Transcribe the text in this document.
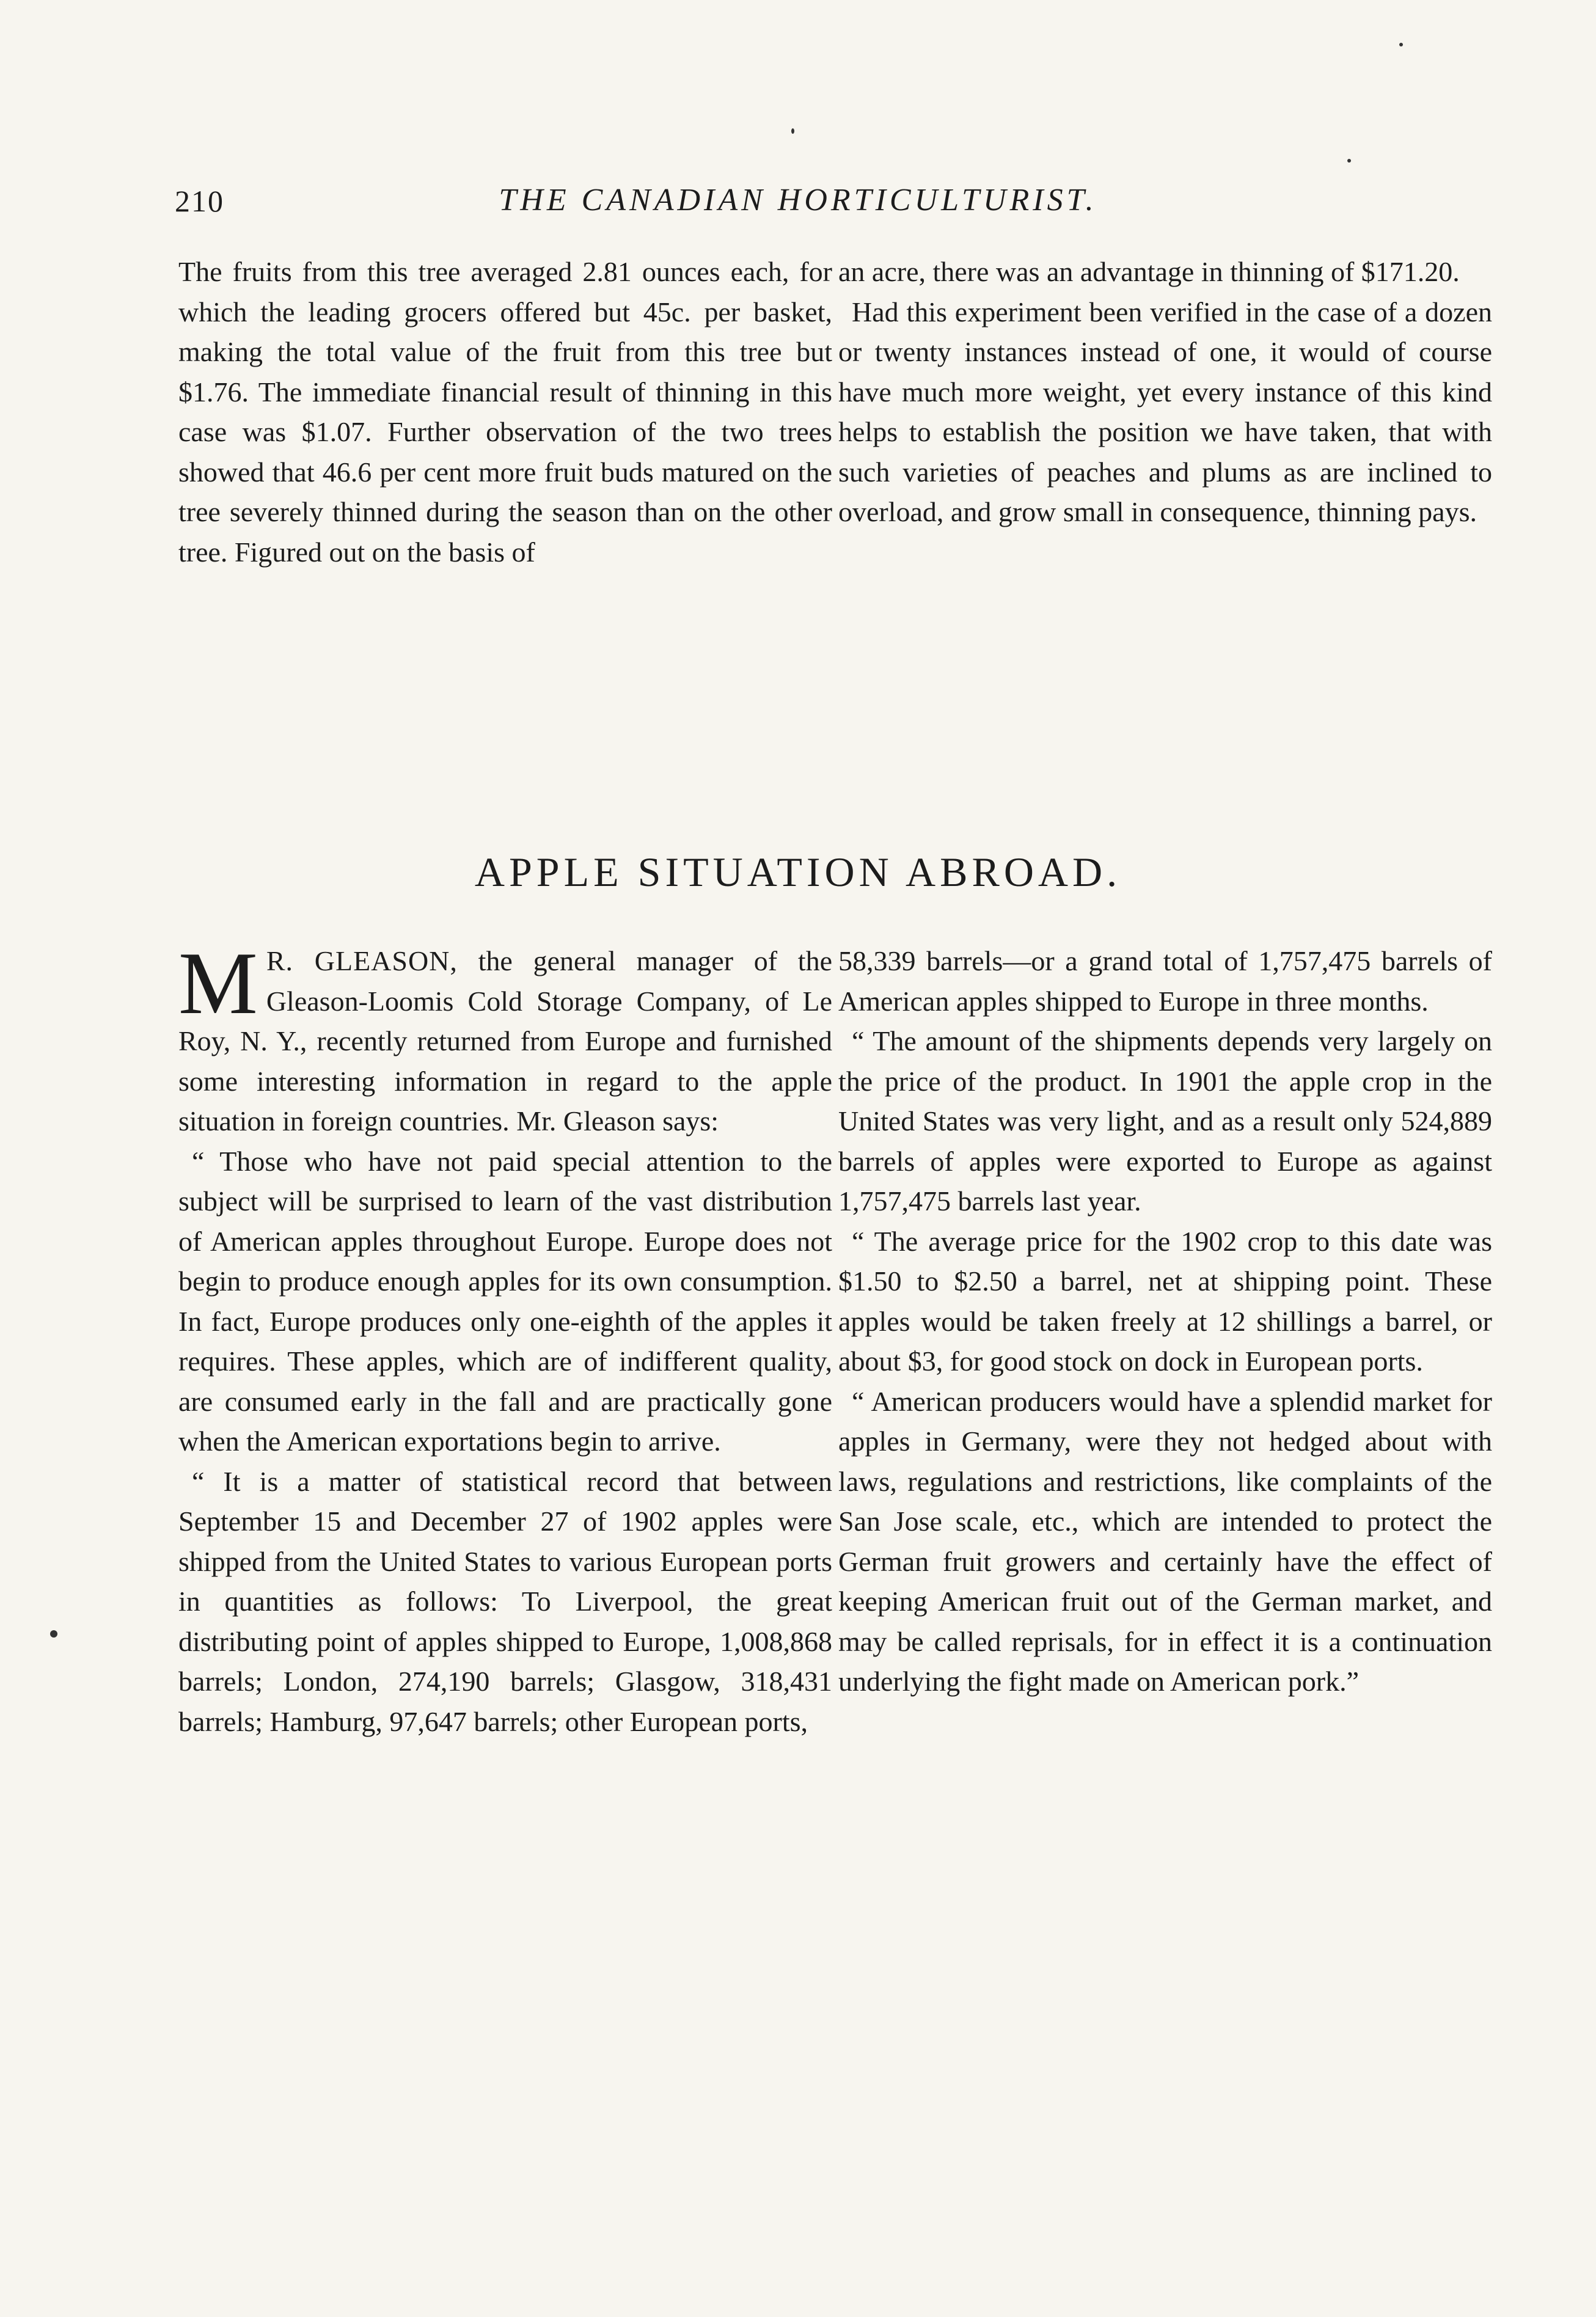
210	THE CANADIAN HORTICULTURIST.

The fruits from this tree averaged 2.81 ounces each, for which the leading grocers offered but 45c. per basket, making the total value of the fruit from this tree but $1.76. The immediate financial result of thinning in this case was $1.07. Further observation of the two trees showed that 46.6 per cent more fruit buds matured on the tree severely thinned during the season than on the other tree. Figured out on the basis of

an acre, there was an advantage in thinning of $171.20.

Had this experiment been verified in the case of a dozen or twenty instances instead of one, it would of course have much more weight, yet every instance of this kind helps to establish the position we have taken, that with such varieties of peaches and plums as are inclined to overload, and grow small in consequence, thinning pays.

APPLE SITUATION ABROAD.

M R. GLEASON, the general manager of the Gleason-Loomis Cold Storage Company, of Le Roy, N. Y., recently returned from Europe and furnished some interesting information in regard to the apple situation in foreign countries. Mr. Gleason says:

“ Those who have not paid special attention to the subject will be surprised to learn of the vast distribution of American apples throughout Europe. Europe does not begin to produce enough apples for its own consumption. In fact, Europe produces only one-eighth of the apples it requires. These apples, which are of indifferent quality, are consumed early in the fall and are practically gone when the American exportations begin to arrive.

“ It is a matter of statistical record that between September 15 and December 27 of 1902 apples were shipped from the United States to various European ports in quantities as follows: To Liverpool, the great distributing point of apples shipped to Europe, 1,008,868 barrels; London, 274,190 barrels; Glasgow, 318,431 barrels; Hamburg, 97,647 barrels; other European ports,

58,339 barrels—or a grand total of 1,757,475 barrels of American apples shipped to Europe in three months.

“ The amount of the shipments depends very largely on the price of the product. In 1901 the apple crop in the United States was very light, and as a result only 524,889 barrels of apples were exported to Europe as against 1,757,475 barrels last year.

“ The average price for the 1902 crop to this date was $1.50 to $2.50 a barrel, net at shipping point. These apples would be taken freely at 12 shillings a barrel, or about $3, for good stock on dock in European ports.

“ American producers would have a splendid market for apples in Germany, were they not hedged about with laws, regulations and restrictions, like complaints of the San Jose scale, etc., which are intended to protect the German fruit growers and certainly have the effect of keeping American fruit out of the German market, and may be called reprisals, for in effect it is a continuation underlying the fight made on American pork.”
